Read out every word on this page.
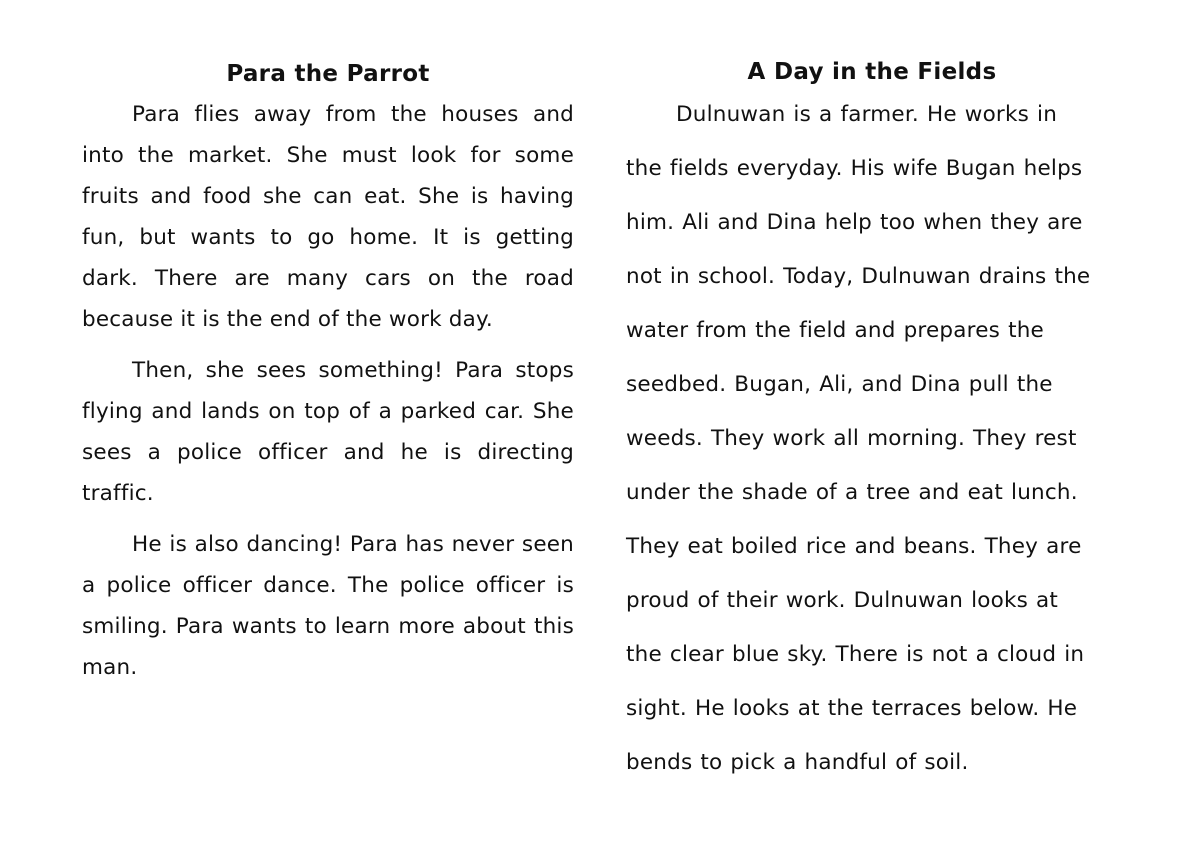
Para the Parrot

Para flies away from the houses and into the market. She must look for some fruits and food she can eat. She is having fun, but wants to go home. It is getting dark. There are many cars on the road because it is the end of the work day.

Then, she sees something! Para stops flying and lands on top of a parked car. She sees a police officer and he is directing traffic.

He is also dancing! Para has never seen a police officer dance. The police officer is smiling. Para wants to learn more about this man.

A Day in the Fields

Dulnuwan is a farmer. He works in
the fields everyday. His wife Bugan helps
him. Ali and Dina help too when they are
not in school. Today, Dulnuwan drains the
water from the field and prepares the
seedbed. Bugan, Ali, and Dina pull the
weeds. They work all morning. They rest
under the shade of a tree and eat lunch.
They eat boiled rice and beans. They are
proud of their work. Dulnuwan looks at
the clear blue sky. There is not a cloud in
sight. He looks at the terraces below. He
bends to pick a handful of soil.
